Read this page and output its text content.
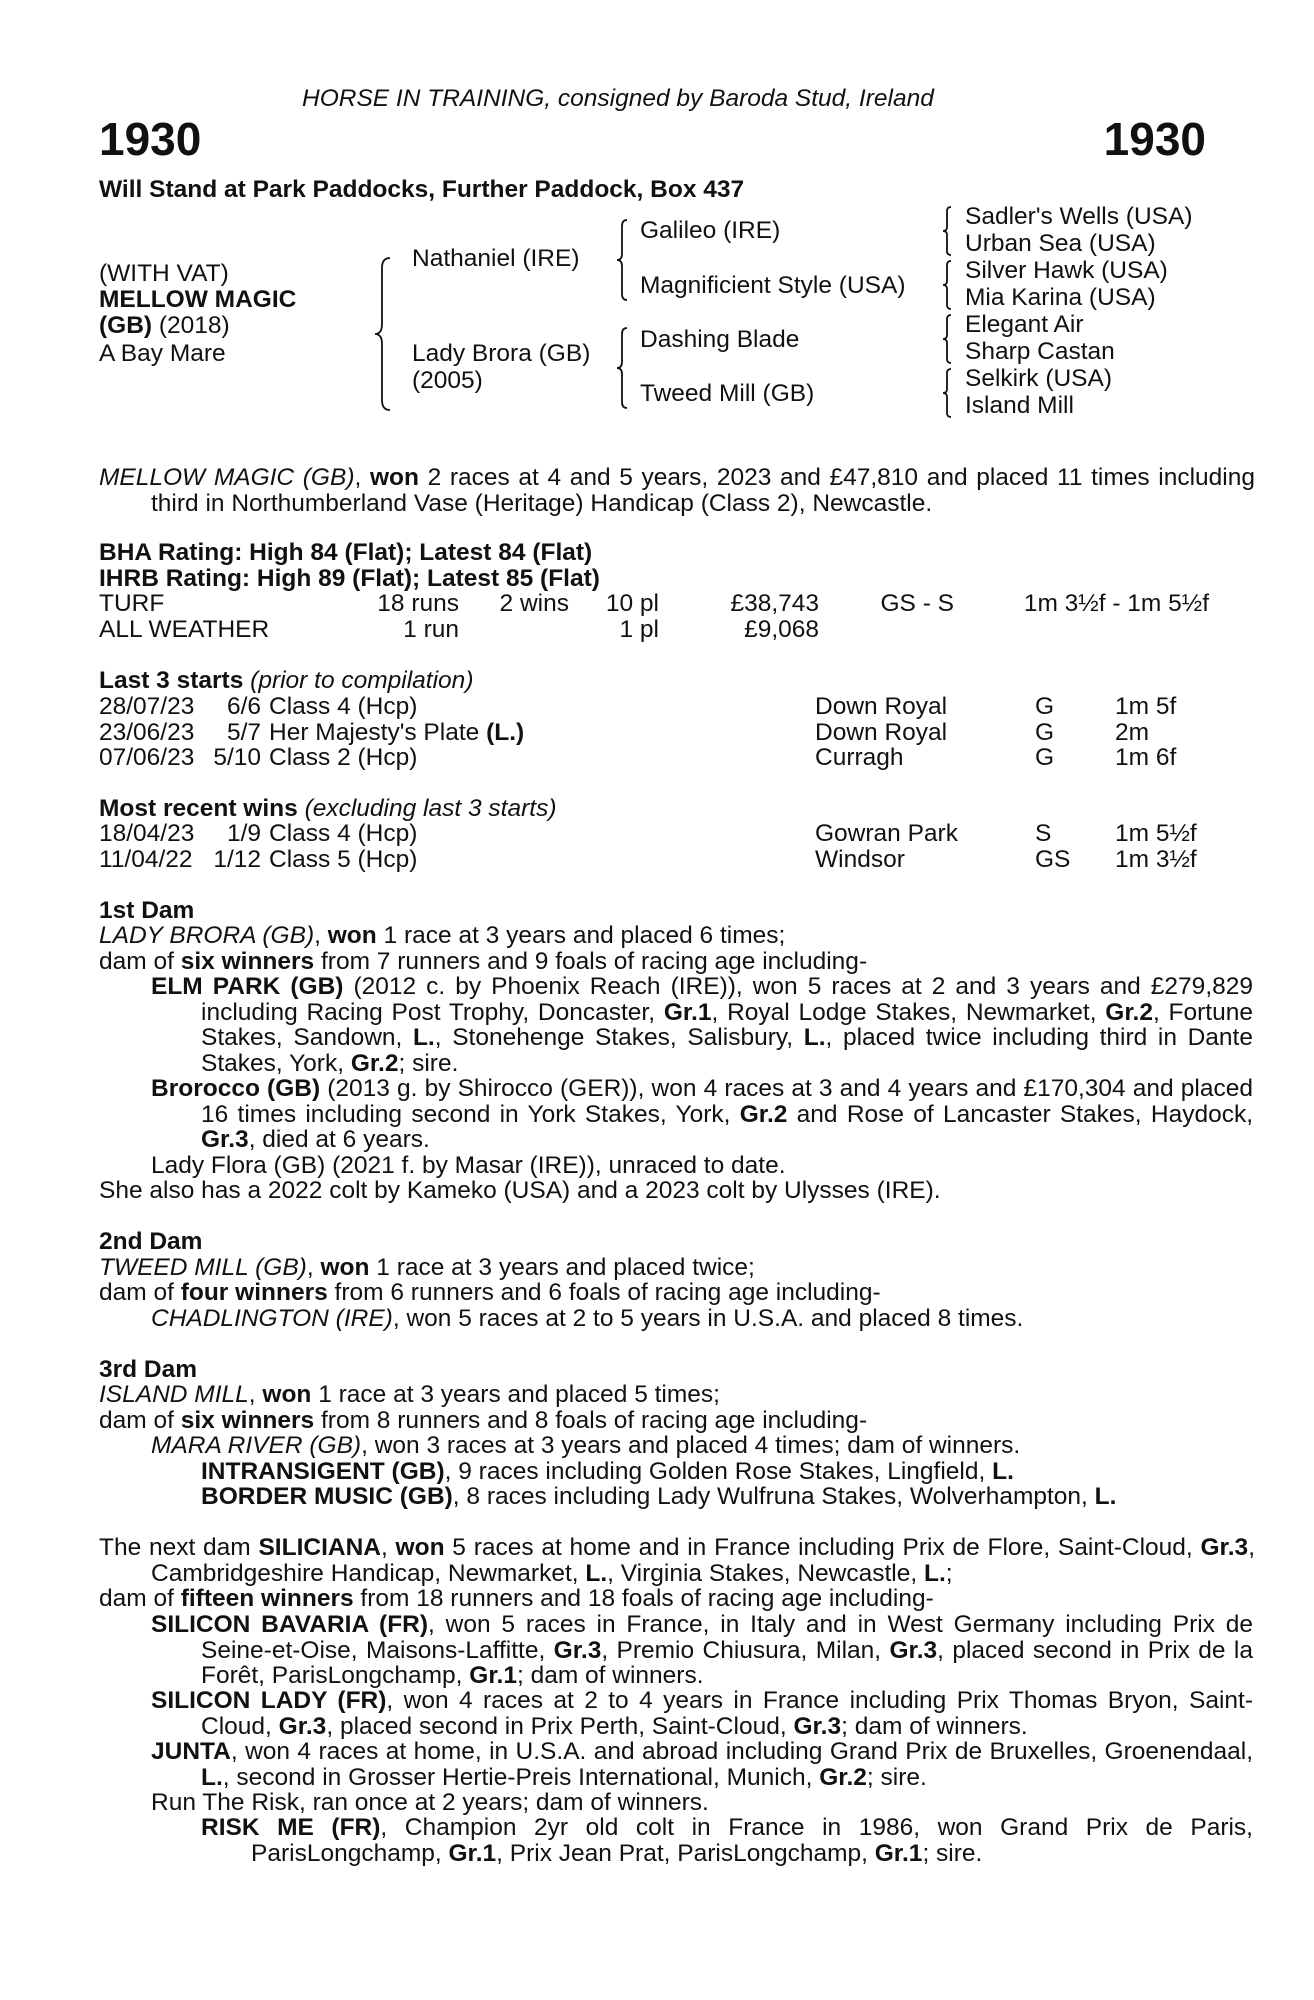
HORSE IN TRAINING, consigned by Baroda Stud, Ireland
1930	1930
Will Stand at Park Paddocks, Further Paddock, Box 437
(WITH VAT)
MELLOW MAGIC
(GB) (2018)
A Bay Mare
Nathaniel (IRE)
Lady Brora (GB)
(2005)
Galileo (IRE)
Magnificient Style (USA)
Dashing Blade
Tweed Mill (GB)
Sadler's Wells (USA)
Urban Sea (USA)
Silver Hawk (USA)
Mia Karina (USA)
Elegant Air
Sharp Castan
Selkirk (USA)
Island Mill
MELLOW MAGIC (GB), won 2 races at 4 and 5 years, 2023 and £47,810 and placed 11 times including third in Northumberland Vase (Heritage) Handicap (Class 2), Newcastle.
BHA Rating: High 84 (Flat); Latest 84 (Flat)
IHRB Rating: High 89 (Flat); Latest 85 (Flat)
TURF	18 runs	2 wins	10 pl	£38,743	GS - S	1m 3½f - 1m 5½f
ALL WEATHER	1 run		1 pl	£9,068		
Last 3 starts (prior to compilation)
28/07/23	6/6	Class 4 (Hcp)	Down Royal	G	1m 5f
23/06/23	5/7	Her Majesty's Plate (L.)	Down Royal	G	2m
07/06/23	5/10	Class 2 (Hcp)	Curragh	G	1m 6f
Most recent wins (excluding last 3 starts)
18/04/23	1/9	Class 4 (Hcp)	Gowran Park	S	1m 5½f
11/04/22	1/12	Class 5 (Hcp)	Windsor	GS	1m 3½f
1st Dam
LADY BRORA (GB), won 1 race at 3 years and placed 6 times;
dam of six winners from 7 runners and 9 foals of racing age including-
ELM PARK (GB) (2012 c. by Phoenix Reach (IRE)), won 5 races at 2 and 3 years and £279,829 including Racing Post Trophy, Doncaster, Gr.1, Royal Lodge Stakes, Newmarket, Gr.2, Fortune Stakes, Sandown, L., Stonehenge Stakes, Salisbury, L., placed twice including third in Dante Stakes, York, Gr.2; sire.
Brorocco (GB) (2013 g. by Shirocco (GER)), won 4 races at 3 and 4 years and £170,304 and placed 16 times including second in York Stakes, York, Gr.2 and Rose of Lancaster Stakes, Haydock, Gr.3, died at 6 years.
Lady Flora (GB) (2021 f. by Masar (IRE)), unraced to date.
She also has a 2022 colt by Kameko (USA) and a 2023 colt by Ulysses (IRE).
2nd Dam
TWEED MILL (GB), won 1 race at 3 years and placed twice;
dam of four winners from 6 runners and 6 foals of racing age including-
CHADLINGTON (IRE), won 5 races at 2 to 5 years in U.S.A. and placed 8 times.
3rd Dam
ISLAND MILL, won 1 race at 3 years and placed 5 times;
dam of six winners from 8 runners and 8 foals of racing age including-
MARA RIVER (GB), won 3 races at 3 years and placed 4 times; dam of winners.
INTRANSIGENT (GB), 9 races including Golden Rose Stakes, Lingfield, L.
BORDER MUSIC (GB), 8 races including Lady Wulfruna Stakes, Wolverhampton, L.
The next dam SILICIANA, won 5 races at home and in France including Prix de Flore, Saint-Cloud, Gr.3, Cambridgeshire Handicap, Newmarket, L., Virginia Stakes, Newcastle, L.;
dam of fifteen winners from 18 runners and 18 foals of racing age including-
SILICON BAVARIA (FR), won 5 races in France, in Italy and in West Germany including Prix de Seine-et-Oise, Maisons-Laffitte, Gr.3, Premio Chiusura, Milan, Gr.3, placed second in Prix de la Forêt, ParisLongchamp, Gr.1; dam of winners.
SILICON LADY (FR), won 4 races at 2 to 4 years in France including Prix Thomas Bryon, Saint-Cloud, Gr.3, placed second in Prix Perth, Saint-Cloud, Gr.3; dam of winners.
JUNTA, won 4 races at home, in U.S.A. and abroad including Grand Prix de Bruxelles, Groenendaal, L., second in Grosser Hertie-Preis International, Munich, Gr.2; sire.
Run The Risk, ran once at 2 years; dam of winners.
RISK ME (FR), Champion 2yr old colt in France in 1986, won Grand Prix de Paris, ParisLongchamp, Gr.1, Prix Jean Prat, ParisLongchamp, Gr.1; sire.
